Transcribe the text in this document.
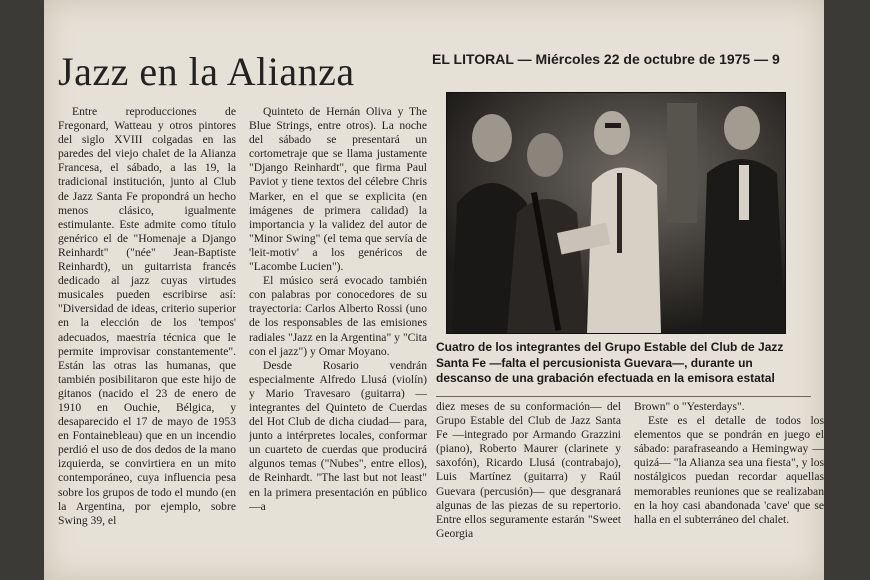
Jazz en la Alianza	EL LITORAL — Miércoles 22 de octubre de 1975 — 9

Entre reproducciones de Fregonard, Watteau y otros pintores del siglo XVIII colgadas en las paredes del viejo chalet de la Alianza Francesa, el sábado, a las 19, la tradicional institución, junto al Club de Jazz Santa Fe propondrá un hecho menos clásico, igualmente estimulante. Este admite como título genérico el de "Homenaje a Django Reinhardt" ("née" Jean-Baptiste Reinhardt), un guitarrista francés dedicado al jazz cuyas virtudes musicales pueden escribirse así: "Diversidad de ideas, criterio superior en la elección de los 'tempos' adecuados, maestría técnica que le permite improvisar constantemente". Están las otras las humanas, que también posibilitaron que este hijo de gitanos (nacido el 23 de enero de 1910 en Ouchie, Bélgica, y desaparecido el 17 de mayo de 1953 en Fontainebleau) que en un incendio perdió el uso de dos dedos de la mano izquierda, se convirtiera en un mito contemporáneo, cuya influencia pesa sobre los grupos de todo el mundo (en la Argentina, por ejemplo, sobre Swing 39, el

Quinteto de Hernán Oliva y The Blue Strings, entre otros). La noche del sábado se presentará un cortometraje que se llama justamente "Django Reinhardt", que firma Paul Paviot y tiene textos del célebre Chris Marker, en el que se explicita (en imágenes de primera calidad) la importancia y la validez del autor de "Minor Swing" (el tema que servía de 'leit-motiv' a los genéricos de "Lacombe Lucien").

El músico será evocado también con palabras por conocedores de su trayectoria: Carlos Alberto Rossi (uno de los responsables de las emisiones radiales "Jazz en la Argentina" y "Cita con el jazz") y Omar Moyano.

Desde Rosario vendrán especialmente Alfredo Llusá (violín) y Mario Travesaro (guitarra) —integrantes del Quinteto de Cuerdas del Hot Club de dicha ciudad— para, junto a intérpretes locales, conformar un cuarteto de cuerdas que producirá algunos temas ("Nubes", entre ellos), de Reinhardt. "The last but not least" en la primera presentación en público —a

Cuatro de los integrantes del Grupo Estable del Club de Jazz Santa Fe —falta el percusionista Guevara—, durante un descanso de una grabación efectuada en la emisora estatal

diez meses de su conformación— del Grupo Estable del Club de Jazz Santa Fe —integrado por Armando Grazzini (piano), Roberto Maurer (clarinete y saxofón), Ricardo Llusá (contrabajo), Luis Martínez (guitarra) y Raúl Guevara (percusión)— que desgranará algunas de las piezas de su repertorio. Entre ellos seguramente estarán "Sweet Georgia

Brown" o "Yesterdays".

Este es el detalle de todos los elementos que se pondrán en juego el sábado: parafraseando a Hemingway —quizá— "la Alianza sea una fiesta", y los nostálgicos puedan recordar aquellas memorables reuniones que se realizaban en la hoy casi abandonada 'cave' que se halla en el subterráneo del chalet.
